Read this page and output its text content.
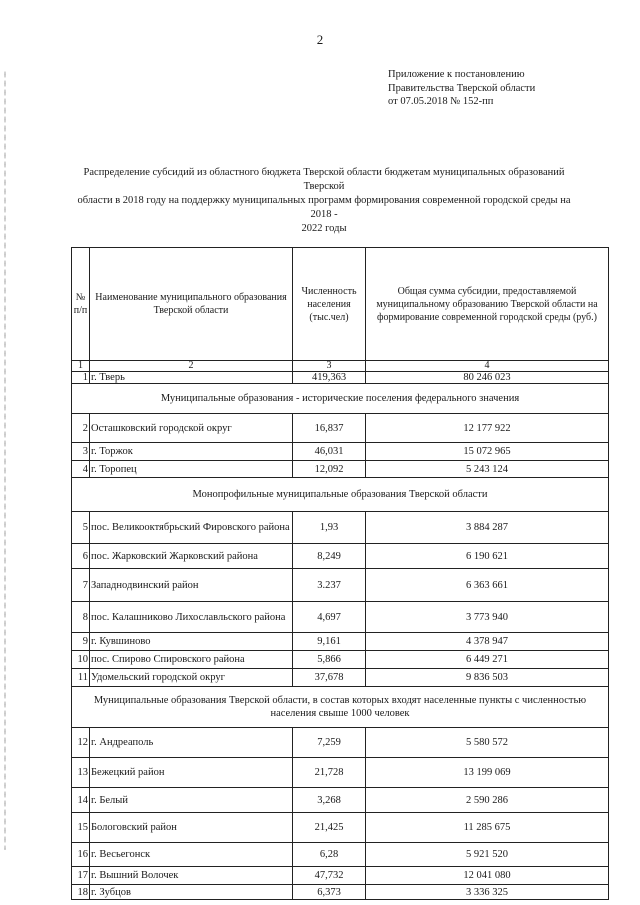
2
Приложение к постановлению
Правительства Тверской области
от 07.05.2018 № 152-пп
Распределение субсидий из областного бюджета Тверской области бюджетам муниципальных образований Тверской
области в 2018 году на поддержку муниципальных программ формирования современной городской среды на 2018 -
2022 годы
№ п/п	Наименование муниципального образования Тверской области	Численность населения (тыс.чел)	Общая сумма субсидии, предоставляемой муниципальному образованию Тверской области на формирование современной городской среды (руб.)
1	2	3	4
1	г. Тверь	419,363	80 246 023
Муниципальные образования - исторические поселения федерального значения			
2	Осташковский городской округ	16,837	12 177 922
3	г. Торжок	46,031	15 072 965
4	г. Торопец	12,092	5 243 124
Монопрофильные муниципальные образования Тверской области			
5	пос. Великооктябрьский Фировского района	1,93	3 884 287
6	пос. Жарковский Жарковский района	8,249	6 190 621
7	Западнодвинский район	3.237	6 363 661
8	пос. Калашниково Лихославльского района	4,697	3 773 940
9	г. Кувшиново	9,161	4 378 947
10	пос. Спирово Спировского района	5,866	6 449 271
11	Удомельский городской округ	37,678	9 836 503
Муниципальные образования Тверской области, в состав которых входят населенные пункты с численностью населения свыше 1000 человек			
12	г. Андреаполь	7,259	5 580 572
13	Бежецкий район	21,728	13 199 069
14	г. Белый	3,268	2 590 286
15	Бологовский район	21,425	11 285 675
16	г. Весьегонск	6,28	5 921 520
17	г. Вышний Волочек	47,732	12 041 080
18	г. Зубцов	6,373	3 336 325
